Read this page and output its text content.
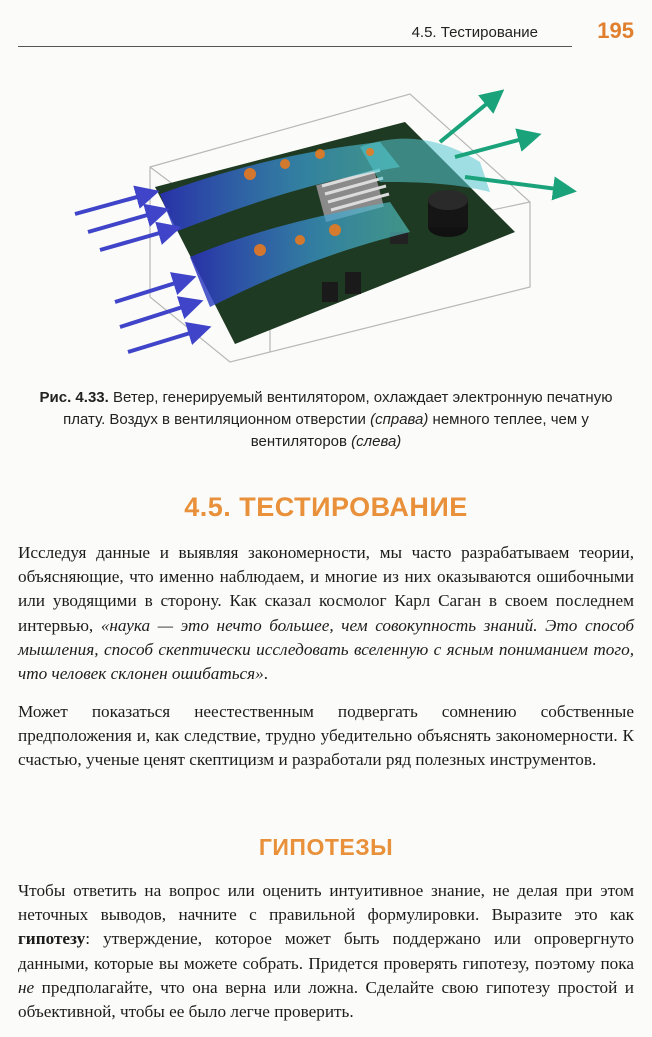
4.5. Тестирование	195
Рис. 4.33. Ветер, генерируемый вентилятором, охлаждает электронную печатную плату. Воздух в вентиляционном отверстии (справа) немного теплее, чем у вентиляторов (слева)
4.5. ТЕСТИРОВАНИЕ
Исследуя данные и выявляя закономерности, мы часто разрабатываем теории, объясняющие, что именно наблюдаем, и многие из них оказываются ошибочными или уводящими в сторону. Как сказал космолог Карл Саган в своем последнем интервью, «наука — это нечто большее, чем совокупность знаний. Это способ мышления, способ скептически исследовать вселенную с ясным пониманием того, что человек склонен ошибаться».
Может показаться неестественным подвергать сомнению собственные предположения и, как следствие, трудно убедительно объяснять закономерности. К счастью, ученые ценят скептицизм и разработали ряд полезных инструментов.
ГИПОТЕЗЫ
Чтобы ответить на вопрос или оценить интуитивное знание, не делая при этом неточных выводов, начните с правильной формулировки. Выразите это как гипотезу: утверждение, которое может быть поддержано или опровергнуто данными, которые вы можете собрать. Придется проверять гипотезу, поэтому пока не предполагайте, что она верна или ложна. Сделайте свою гипотезу простой и объективной, чтобы ее было легче проверить.
